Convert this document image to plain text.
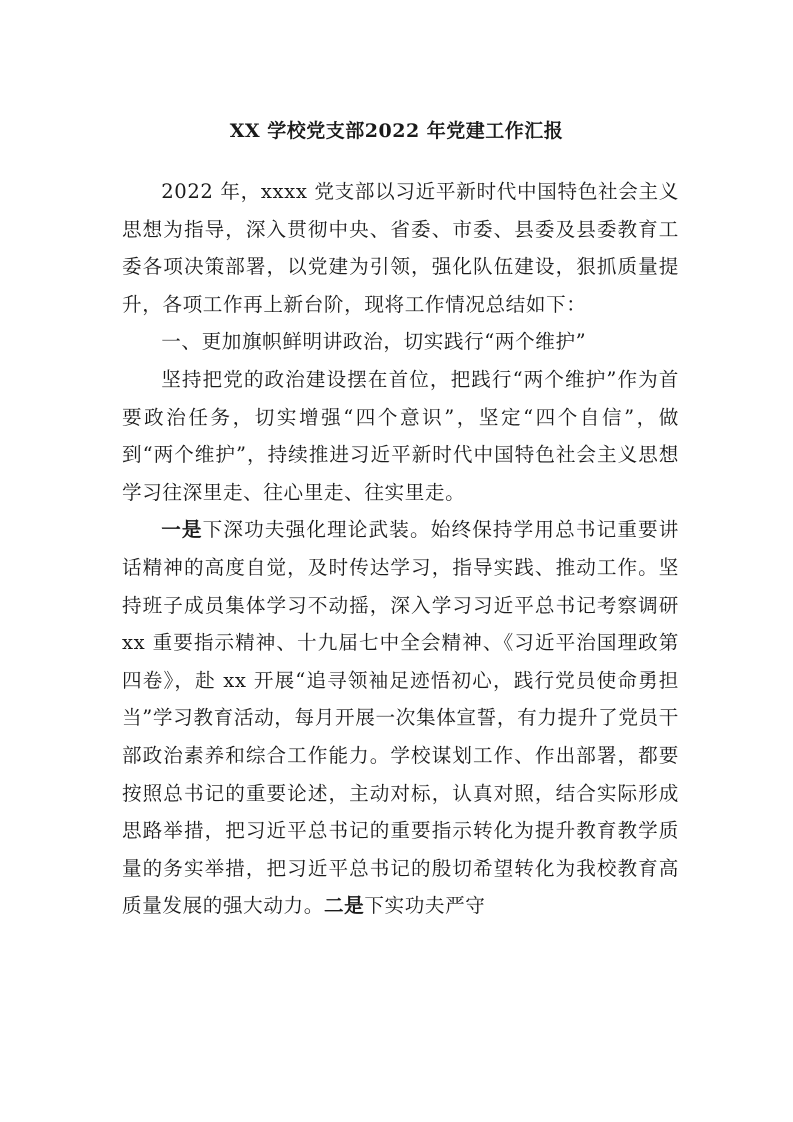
XX 学校党支部2022 年党建工作汇报

2022 年，xxxx 党支部以习近平新时代中国特色社会主义思想为指导，深入贯彻中央、省委、市委、县委及县委教育工委各项决策部署，以党建为引领，强化队伍建设，狠抓质量提升，各项工作再上新台阶，现将工作情况总结如下：

一、更加旗帜鲜明讲政治，切实践行“两个维护”

坚持把党的政治建设摆在首位，把践行“两个维护”作为首要政治任务，切实增强“四个意识”，坚定“四个自信”，做到“两个维护”，持续推进习近平新时代中国特色社会主义思想学习往深里走、往心里走、往实里走。

一是下深功夫强化理论武装。始终保持学用总书记重要讲话精神的高度自觉，及时传达学习，指导实践、推动工作。坚持班子成员集体学习不动摇，深入学习习近平总书记考察调研 xx 重要指示精神、十九届七中全会精神、《习近平治国理政第四卷》，赴 xx 开展“追寻领袖足迹悟初心，践行党员使命勇担当”学习教育活动，每月开展一次集体宣誓，有力提升了党员干部政治素养和综合工作能力。学校谋划工作、作出部署，都要按照总书记的重要论述，主动对标，认真对照，结合实际形成思路举措，把习近平总书记的重要指示转化为提升教育教学质量的务实举措，把习近平总书记的殷切希望转化为我校教育高质量发展的强大动力。二是下实功夫严守
